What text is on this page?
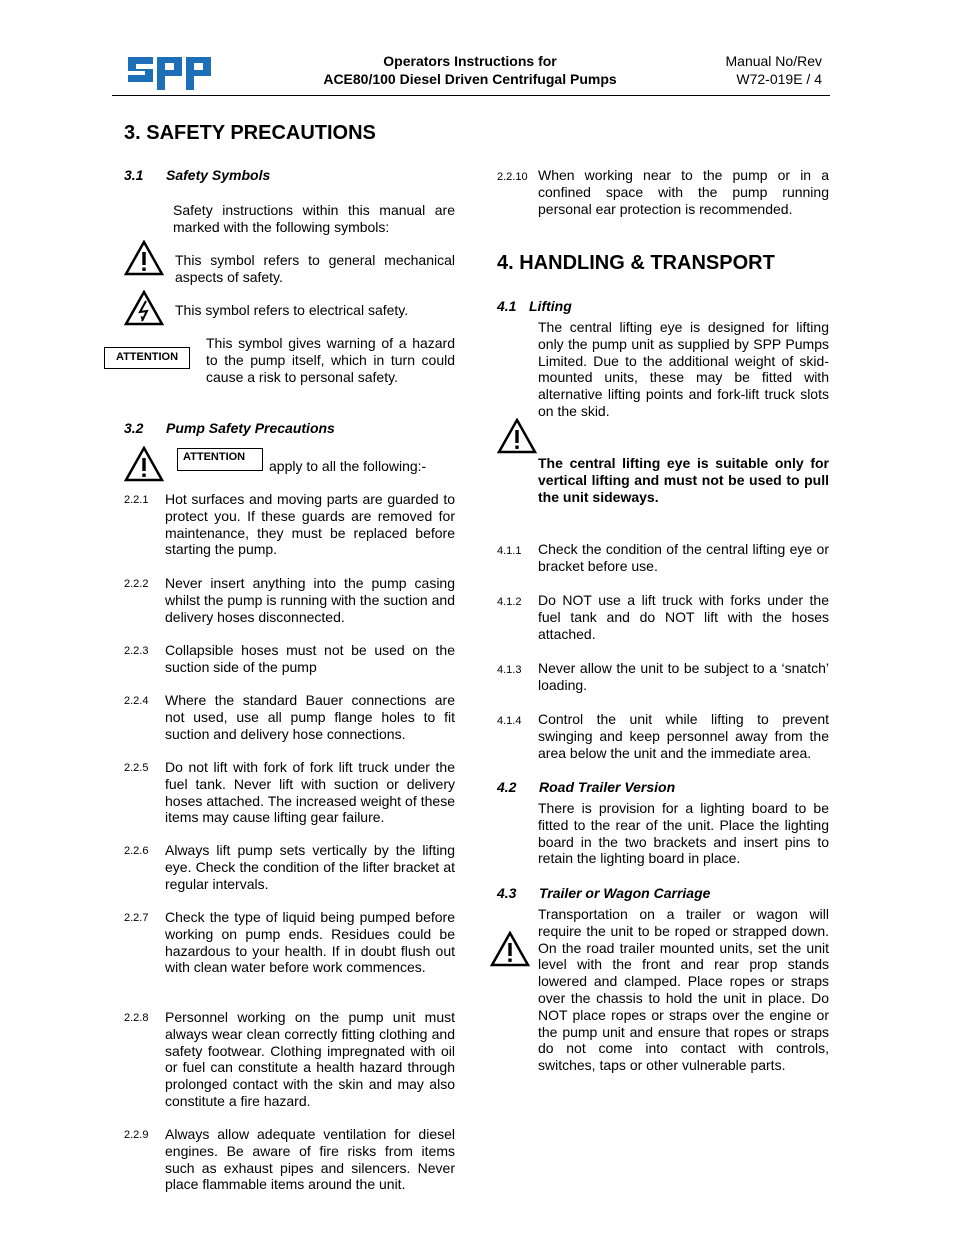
Operators Instructions for
ACE80/100 Diesel Driven Centrifugal Pumps
Manual No/Rev
W72-019E / 4
3. SAFETY PRECAUTIONS
3.1 Safety Symbols
Safety instructions within this manual are marked with the following symbols:
This symbol refers to general mechanical aspects of safety.
This symbol refers to electrical safety.
ATTENTION
This symbol gives warning of a hazard to the pump itself, which in turn could cause a risk to personal safety.
3.2 Pump Safety Precautions
ATTENTION
apply to all the following:-
2.2.1 Hot surfaces and moving parts are guarded to protect you. If these guards are removed for maintenance, they must be replaced before starting the pump.
2.2.2 Never insert anything into the pump casing whilst the pump is running with the suction and delivery hoses disconnected.
2.2.3 Collapsible hoses must not be used on the suction side of the pump
2.2.4 Where the standard Bauer connections are not used, use all pump flange holes to fit suction and delivery hose connections.
2.2.5 Do not lift with fork of fork lift truck under the fuel tank. Never lift with suction or delivery hoses attached. The increased weight of these items may cause lifting gear failure.
2.2.6 Always lift pump sets vertically by the lifting eye. Check the condition of the lifter bracket at regular intervals.
2.2.7 Check the type of liquid being pumped before working on pump ends. Residues could be hazardous to your health. If in doubt flush out with clean water before work commences.
2.2.8 Personnel working on the pump unit must always wear clean correctly fitting clothing and safety footwear. Clothing impregnated with oil or fuel can constitute a health hazard through prolonged contact with the skin and may also constitute a fire hazard.
2.2.9 Always allow adequate ventilation for diesel engines. Be aware of fire risks from items such as exhaust pipes and silencers. Never place flammable items around the unit.
2.2.10 When working near to the pump or in a confined space with the pump running personal ear protection is recommended.
4. HANDLING & TRANSPORT
4.1 Lifting
The central lifting eye is designed for lifting only the pump unit as supplied by SPP Pumps Limited. Due to the additional weight of skid-mounted units, these may be fitted with alternative lifting points and fork-lift truck slots on the skid.
The central lifting eye is suitable only for vertical lifting and must not be used to pull the unit sideways.
4.1.1 Check the condition of the central lifting eye or bracket before use.
4.1.2 Do NOT use a lift truck with forks under the fuel tank and do NOT lift with the hoses attached.
4.1.3 Never allow the unit to be subject to a ‘snatch’ loading.
4.1.4 Control the unit while lifting to prevent swinging and keep personnel away from the area below the unit and the immediate area.
4.2 Road Trailer Version
There is provision for a lighting board to be fitted to the rear of the unit. Place the lighting board in the two brackets and insert pins to retain the lighting board in place.
4.3 Trailer or Wagon Carriage
Transportation on a trailer or wagon will require the unit to be roped or strapped down. On the road trailer mounted units, set the unit level with the front and rear prop stands lowered and clamped. Place ropes or straps over the chassis to hold the unit in place. Do NOT place ropes or straps over the engine or the pump unit and ensure that ropes or straps do not come into contact with controls, switches, taps or other vulnerable parts.
